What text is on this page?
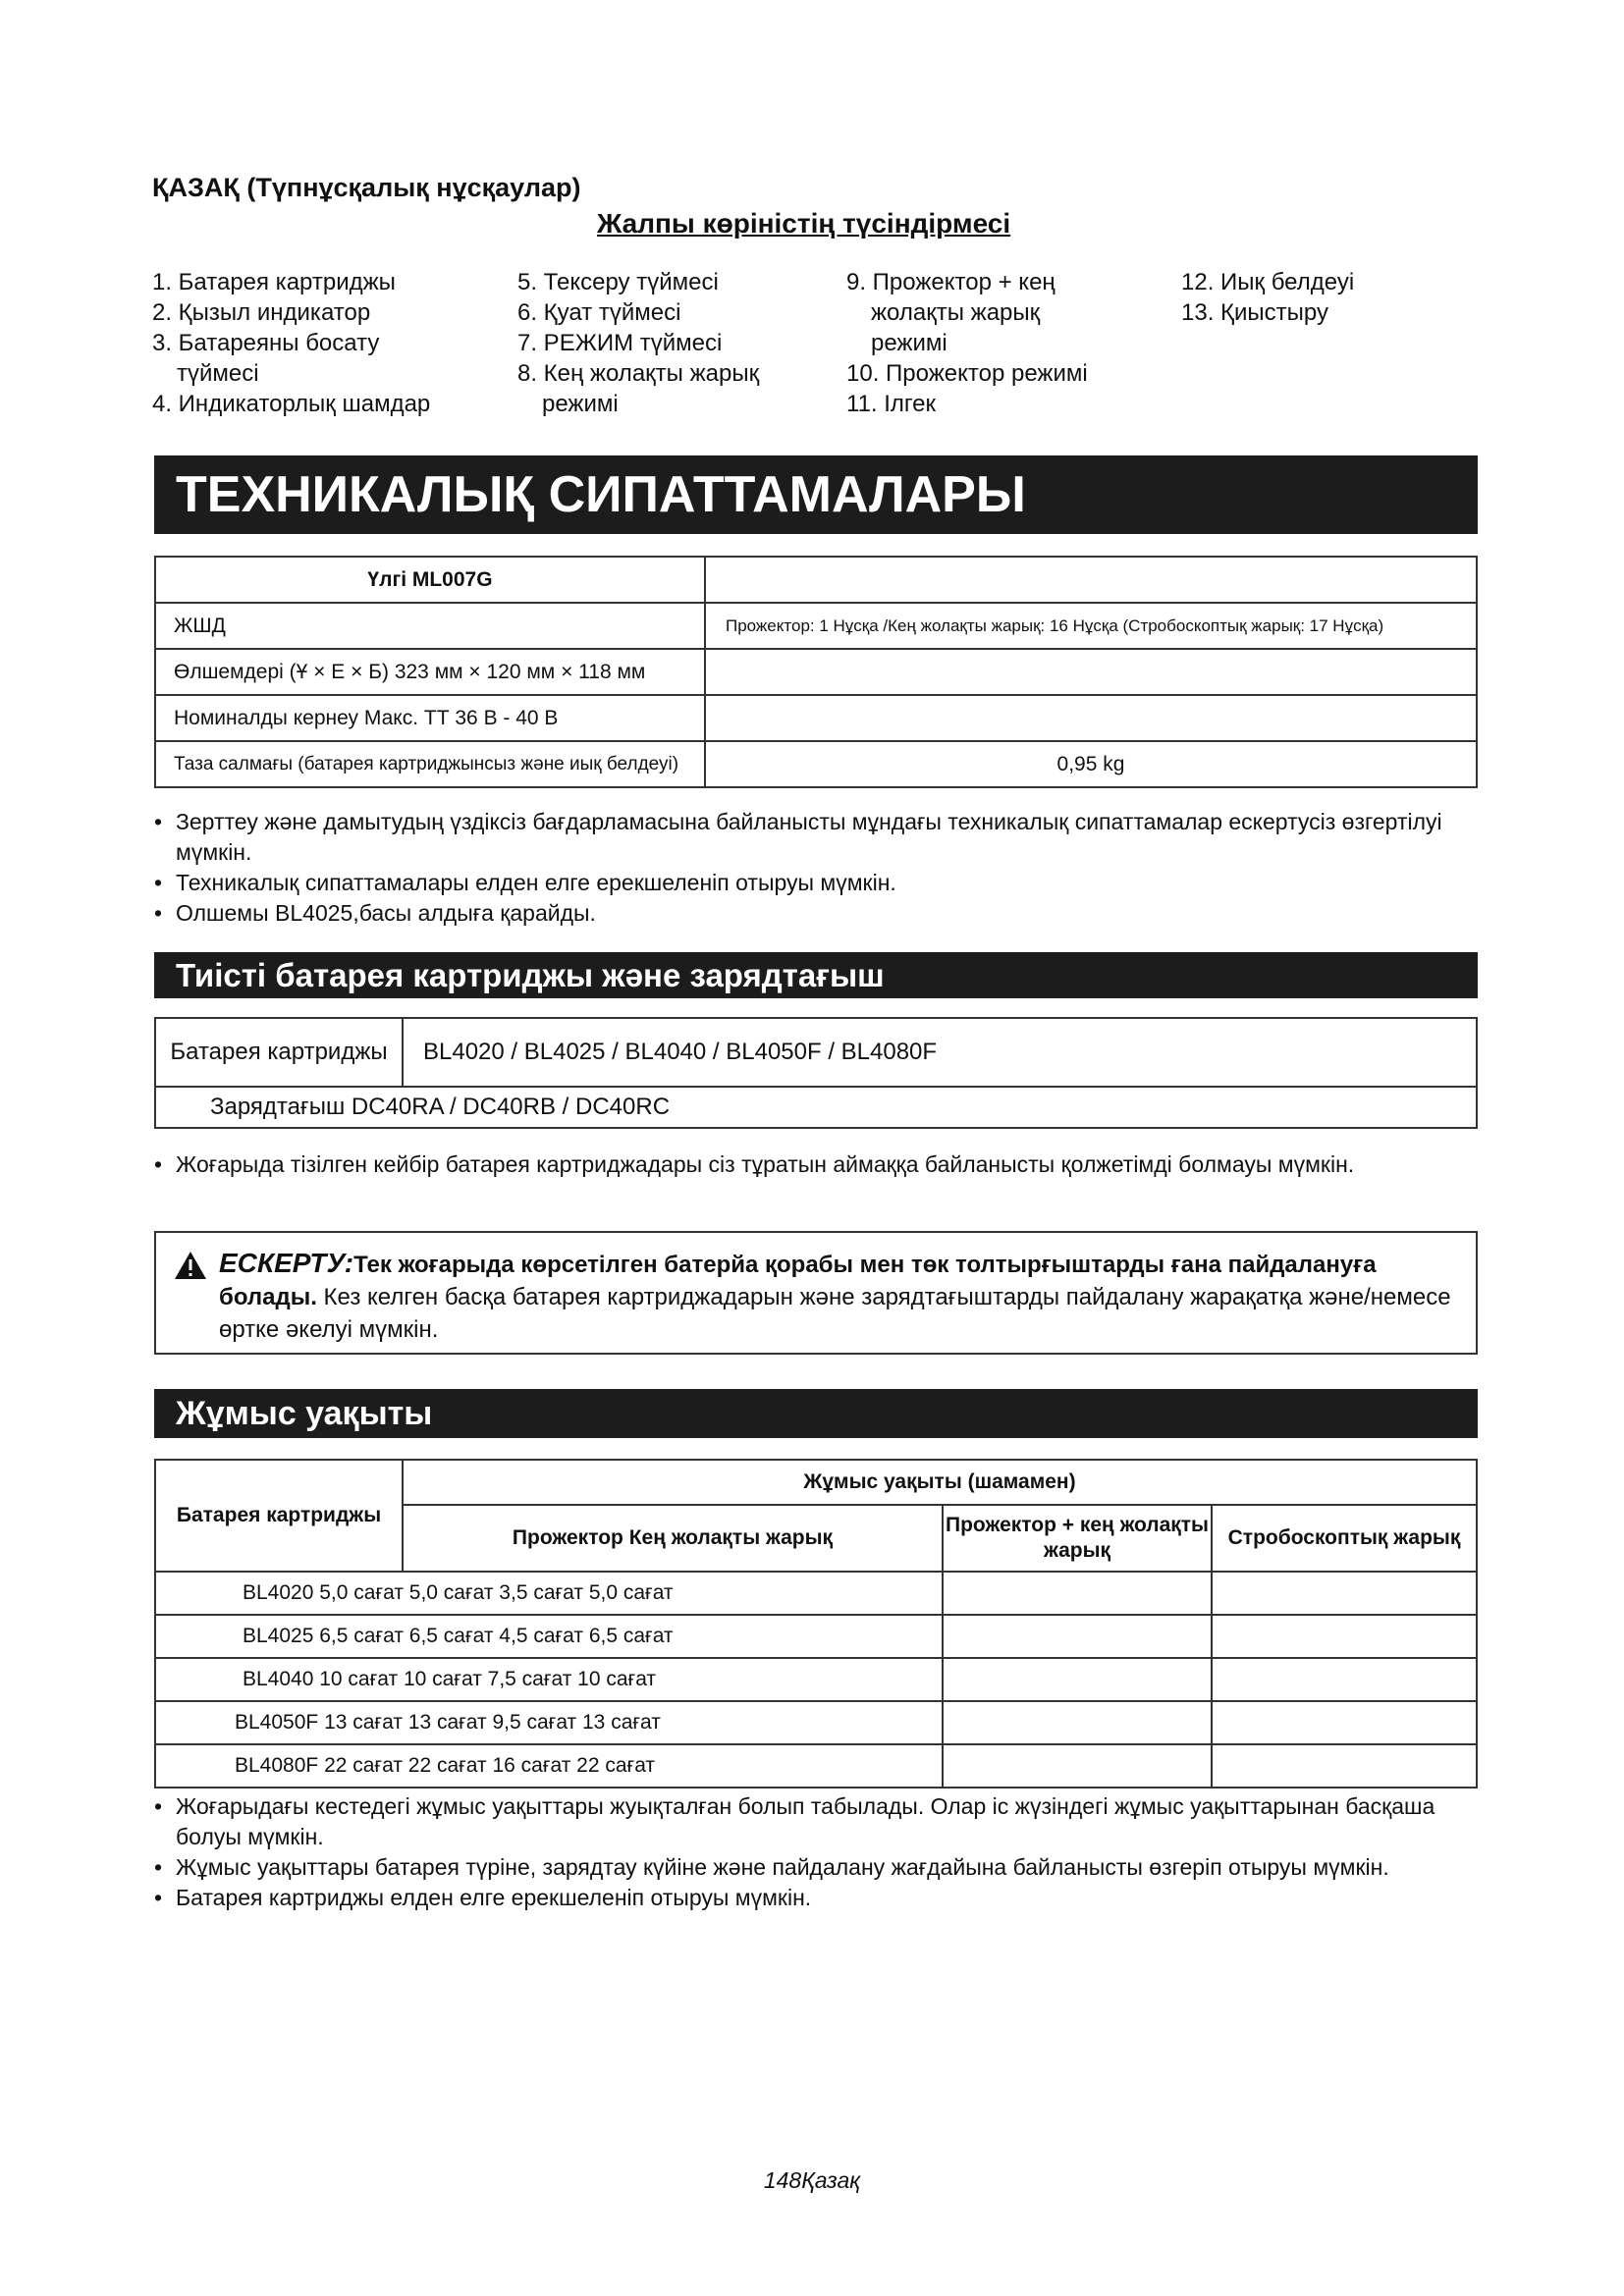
ҚАЗАҚ (Түпнұсқалық нұсқаулар)
Жалпы көріністің түсіндірмесі
1. Батарея картриджы
2. Қызыл индикатор
3. Батареяны босату
түймесі
4. Индикаторлық шамдар
5. Тексеру түймесі
6. Қуат түймесі
7. РЕЖИМ түймесі
8. Кең жолақты жарық
режимі
9. Прожектор + кең
жолақты жарық
режимі
10. Прожектор режимі
11. Ілгек
12. Иық белдеуі
13. Қиыстыру
ТЕХНИКАЛЫҚ СИПАТТАМАЛАРЫ
Үлгі ML007G	
ЖШД	Прожектор: 1 Нұсқа /Кең жолақты жарық: 16 Нұсқа (Стробоскоптық жарық: 17 Нұсқа)
Өлшемдері (Ұ × Е × Б) 323 мм × 120 мм × 118 мм	
Номиналды кернеу Макс. ТТ 36 В - 40 В	
Таза салмағы (батарея картриджынсыз және иық белдеуі)	0,95 kg
• Зерттеу және дамытудың үздіксіз бағдарламасына байланысты мұндағы техникалық сипаттамалар ескертусіз өзгертілуі мүмкін.
• Техникалық сипаттамалары елден елге ерекшеленіп отыруы мүмкін.
• Олшемы BL4025,басы алдыға қарайды.
Тиісті батарея картриджы және зарядтағыш
Батарея картриджы	BL4020 / BL4025 / BL4040 / BL4050F / BL4080F
Зарядтағыш DC40RA / DC40RB / DC40RC
• Жоғарыда тізілген кейбір батарея картриджадары сіз тұратын аймаққа байланысты қолжетімді болмауы мүмкін.
ЕСКЕРТУ:Тек жоғарыда көрсетілген батерйа қорабы мен төк толтырғыштарды ғана пайдалануға болады. Кез келген басқа батарея картриджадарын және зарядтағыштарды пайдалану жарақатқа және/немесе өртке әкелуі мүмкін.
Жұмыс уақыты
Батарея картриджы	Жұмыс уақыты (шамамен)		
	Прожектор Кең жолақты жарық	Прожектор + кең жолақты жарық	Стробоскоптық жарық
BL4020 5,0 сағат 5,0 сағат 3,5 сағат 5,0 сағат			
BL4025 6,5 сағат 6,5 сағат 4,5 сағат 6,5 сағат			
BL4040 10 сағат 10 сағат 7,5 сағат 10 сағат			
BL4050F 13 сағат 13 сағат 9,5 сағат 13 сағат			
BL4080F 22 сағат 22 сағат 16 сағат 22 сағат			
• Жоғарыдағы кестедегі жұмыс уақыттары жуықталған болып табылады. Олар іс жүзіндегі жұмыс уақыттарынан басқаша болуы мүмкін.
• Жұмыс уақыттары батарея түріне, зарядтау күйіне және пайдалану жағдайына байланысты өзгеріп отыруы мүмкін.
• Батарея картриджы елден елге ерекшеленіп отыруы мүмкін.
148Қазақ
